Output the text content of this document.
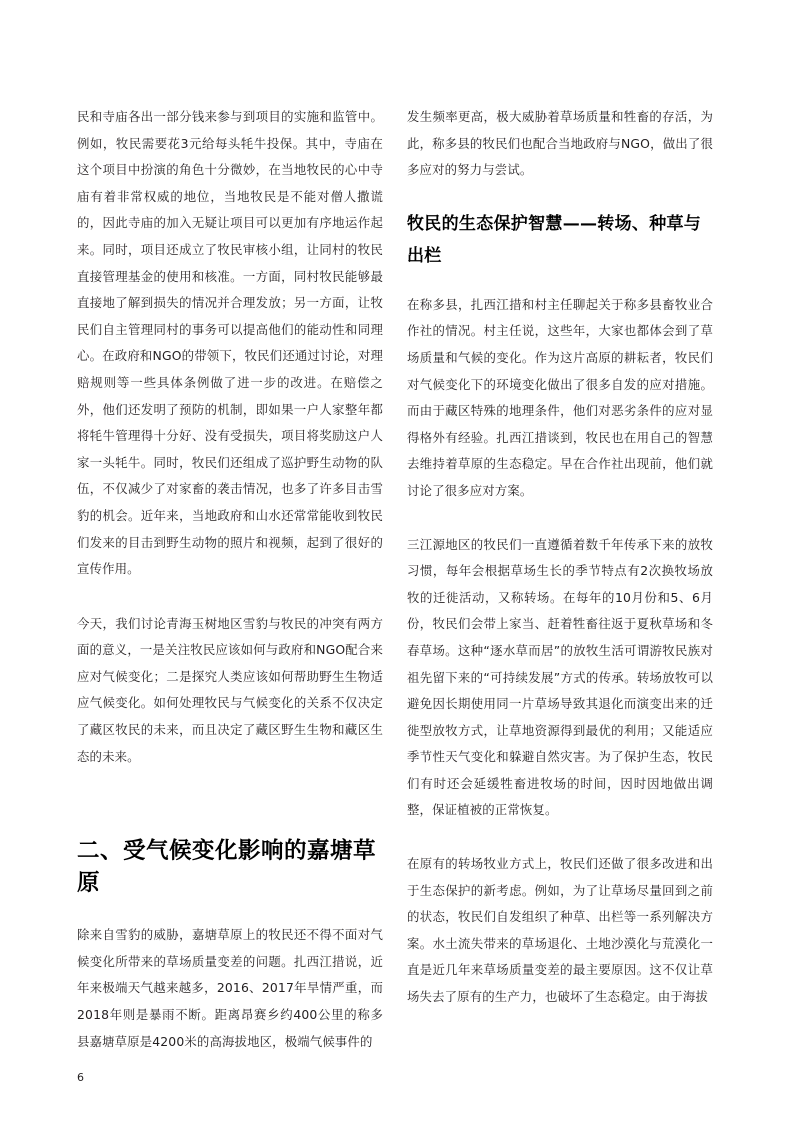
民和寺庙各出一部分钱来参与到项目的实施和监管中。例如，牧民需要花3元给每头牦牛投保。其中，寺庙在这个项目中扮演的角色十分微妙，在当地牧民的心中寺庙有着非常权威的地位，当地牧民是不能对僧人撒谎的，因此寺庙的加入无疑让项目可以更加有序地运作起来。同时，项目还成立了牧民审核小组，让同村的牧民直接管理基金的使用和核准。一方面，同村牧民能够最直接地了解到损失的情况并合理发放；另一方面，让牧民们自主管理同村的事务可以提高他们的能动性和同理心。在政府和NGO的带领下，牧民们还通过讨论，对理赔规则等一些具体条例做了进一步的改进。在赔偿之外，他们还发明了预防的机制，即如果一户人家整年都将牦牛管理得十分好、没有受损失，项目将奖励这户人家一头牦牛。同时，牧民们还组成了巡护野生动物的队伍，不仅减少了对家畜的袭击情况，也多了许多目击雪豹的机会。近年来，当地政府和山水还常常能收到牧民们发来的目击到野生动物的照片和视频，起到了很好的宣传作用。

今天，我们讨论青海玉树地区雪豹与牧民的冲突有两方面的意义，一是关注牧民应该如何与政府和NGO配合来应对气候变化；二是探究人类应该如何帮助野生生物适应气候变化。如何处理牧民与气候变化的关系不仅决定了藏区牧民的未来，而且决定了藏区野生生物和藏区生态的未来。

二、受气候变化影响的嘉塘草原

除来自雪豹的威胁，嘉塘草原上的牧民还不得不面对气候变化所带来的草场质量变差的问题。扎西江措说，近年来极端天气越来越多，2016、2017年旱情严重，而2018年则是暴雨不断。距离昂赛乡约400公里的称多县嘉塘草原是4200米的高海拔地区，极端气候事件的

发生频率更高，极大威胁着草场质量和牲畜的存活，为此，称多县的牧民们也配合当地政府与NGO，做出了很多应对的努力与尝试。

牧民的生态保护智慧——转场、种草与出栏

在称多县，扎西江措和村主任聊起关于称多县畜牧业合作社的情况。村主任说，这些年，大家也都体会到了草场质量和气候的变化。作为这片高原的耕耘者，牧民们对气候变化下的环境变化做出了很多自发的应对措施。而由于藏区特殊的地理条件，他们对恶劣条件的应对显得格外有经验。扎西江措谈到，牧民也在用自己的智慧去维持着草原的生态稳定。早在合作社出现前，他们就讨论了很多应对方案。

三江源地区的牧民们一直遵循着数千年传承下来的放牧习惯，每年会根据草场生长的季节特点有2次换牧场放牧的迁徙活动，又称转场。在每年的10月份和5、6月份，牧民们会带上家当、赶着牲畜往返于夏秋草场和冬春草场。这种“逐水草而居”的放牧生活可谓游牧民族对祖先留下来的“可持续发展”方式的传承。转场放牧可以避免因长期使用同一片草场导致其退化而演变出来的迁徙型放牧方式，让草地资源得到最优的利用；又能适应季节性天气变化和躲避自然灾害。为了保护生态，牧民们有时还会延缓牲畜进牧场的时间，因时因地做出调整，保证植被的正常恢复。

在原有的转场牧业方式上，牧民们还做了很多改进和出于生态保护的新考虑。例如，为了让草场尽量回到之前的状态，牧民们自发组织了种草、出栏等一系列解决方案。水土流失带来的草场退化、土地沙漠化与荒漠化一直是近几年来草场质量变差的最主要原因。这不仅让草场失去了原有的生产力，也破坏了生态稳定。由于海拔

6
